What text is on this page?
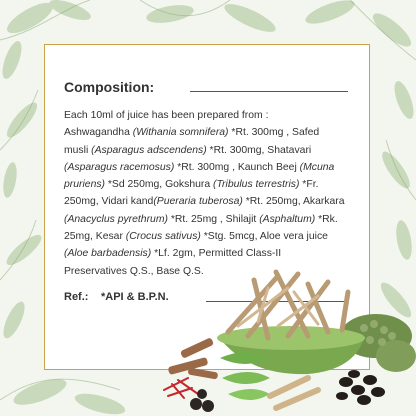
Composition:
Each 10ml of juice has been prepared from :
Ashwagandha (Withania somnifera) *Rt. 300mg , Safed
musli (Asparagus adscendens) *Rt. 300mg, Shatavari
(Asparagus racemosus) *Rt. 300mg , Kaunch Beej (Mcuna
pruriens) *Sd 250mg, Gokshura (Tribulus terrestris) *Fr.
250mg, Vidari kand(Pueraria tuberosa) *Rt. 250mg, Akarkara
(Anacyclus pyrethrum) *Rt. 25mg , Shilajit (Asphaltum) *Rk.
25mg, Kesar (Crocus sativus) *Stg. 5mcg, Aloe vera juice
(Aloe barbadensis) *Lf. 2gm, Permitted Class-II
Preservatives Q.S., Base Q.S.
Ref.: *API & B.P.N.
